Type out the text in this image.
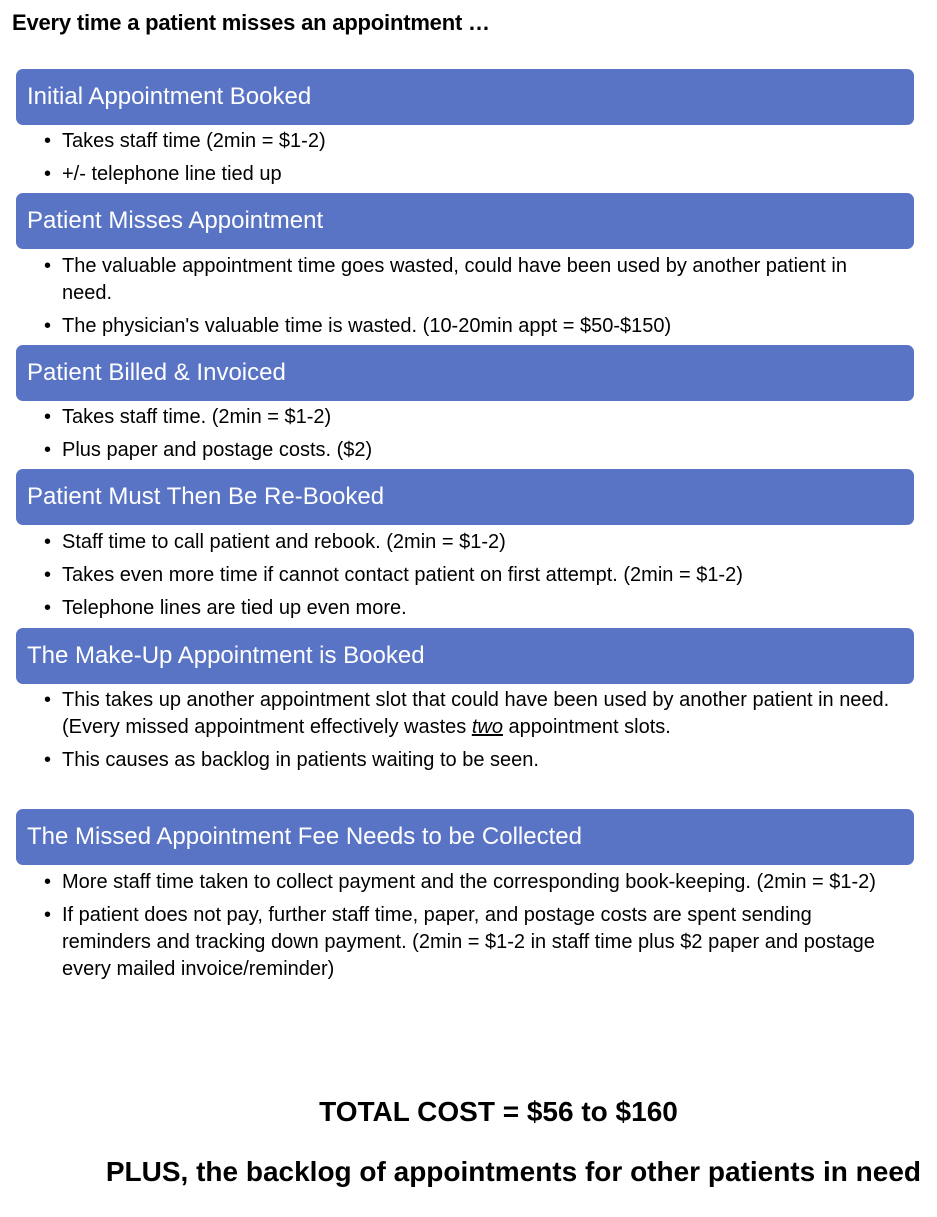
Every time a patient misses an appointment …
Initial Appointment Booked
• Takes staff time (2min = $1-2)
• +/- telephone line tied up
Patient Misses Appointment
• The valuable appointment time goes wasted, could have been used by another patient in need.
• The physician's valuable time is wasted. (10-20min appt = $50-$150)
Patient Billed & Invoiced
• Takes staff time. (2min = $1-2)
• Plus paper and postage costs. ($2)
Patient Must Then Be Re-Booked
• Staff time to call patient and rebook. (2min = $1-2)
• Takes even more time if cannot contact patient on first attempt. (2min = $1-2)
• Telephone lines are tied up even more.
The Make-Up Appointment is Booked
• This takes up another appointment slot that could have been used by another patient in need. (Every missed appointment effectively wastes two appointment slots.
• This causes as backlog in patients waiting to be seen.
The Missed Appointment Fee Needs to be Collected
• More staff time taken to collect payment and the corresponding book-keeping. (2min = $1-2)
• If patient does not pay, further staff time, paper, and postage costs are spent sending reminders and tracking down payment. (2min = $1-2 in staff time plus $2 paper and postage every mailed invoice/reminder)
TOTAL COST = $56 to $160
PLUS, the backlog of appointments for other patients in need
